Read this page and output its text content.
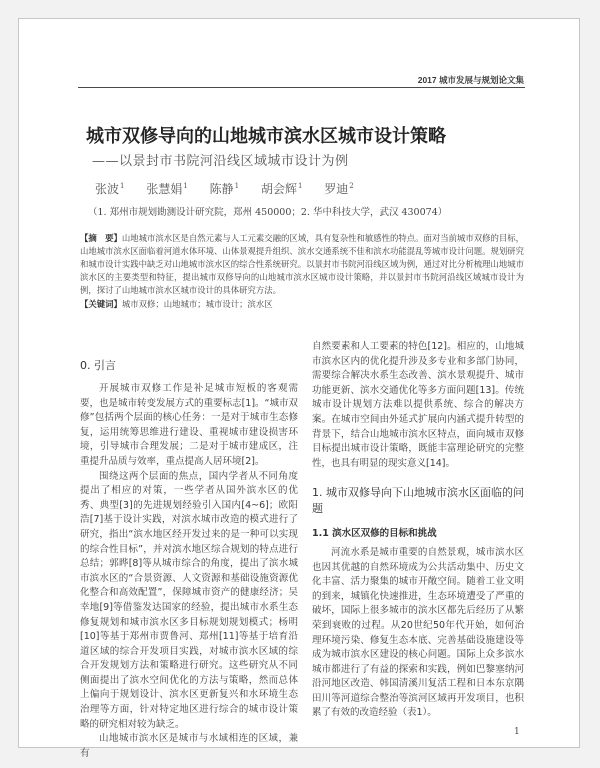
2017 城市发展与规划论文集
城市双修导向的山地城市滨水区城市设计策略
——以景封市书院河沿线区域城市设计为例
张波$^1$ 张慧娟$^1$ 陈静$^1$ 胡会辉$^1$ 罗迪$^2$
（1. 郑州市规划勘测设计研究院，郑州 450000；2. 华中科技大学，武汉 430074）
【摘　要】山地城市滨水区是自然元素与人工元素交融的区域，具有复杂性和敏感性的特点。面对当前城市双修的目标，山地城市滨水区面临着河道水体环境、山体景观提升组织、滨水交通系统不佳和滨水功能混乱等城市设计问题。规划研究和城市设计实践中缺乏对山地城市滨水区的综合性系统研究。以景封市书院河沿线区域为例，通过对比分析梳理山地城市滨水区的主要类型和特征，提出城市双修导向的山地城市滨水区城市设计策略，并以景封市书院河沿线区域城市设计为例，探讨了山地城市滨水区城市设计的具体研究方法。
【关键词】城市双修；山地城市；城市设计；滨水区
0. 引言

开展城市双修工作是补足城市短板的客观需要，也是城市转变发展方式的重要标志[1]。“城市双修”包括两个层面的核心任务：一是对于城市生态修复，运用统筹思维进行建设、重视城市建设损害环境，引导城市合理发展；二是对于城市建成区，注重提升品质与效率，重点提高人居环境[2]。

围绕这两个层面的焦点，国内学者从不同角度提出了相应的对策，一些学者从国外滨水区的优秀、典型[3]的先进规划经验引入国内[4~6]；欧阳浩[7]基于设计实践，对滨水城市改造的模式进行了研究，指出“滨水地区经开发过来的是一种可以实现的综合性目标”，并对滨水地区综合规划的特点进行总结；郭晔[8]等从城市综合的角度，提出了滨水城市滨水区的“合景资源、人文资源和基础设施资源优化整合和高效配置”，保障城市资产的健康经济；吴幸地[9]等借鉴发达国家的经验，提出城市水系生态修复规划和城市滨水区多目标规划规划模式；杨明[10]等基于郑州市贾鲁河、郑州[11]等基于培育沿道区域的综合开发项目实践，对城市滨水区域的综合开发规划方法和策略进行研究。这些研究从不同侧面提出了滨水空间优化的方法与策略，然而总体上偏向于规划设计、滨水区更新复兴和水环境生态治理等方面，针对特定地区进行综合的城市设计策略的研究相对较为缺乏。

山地城市滨水区是城市与水域相连的区域，兼有

自然要素和人工要素的特色[12]。相应的，山地城市滨水区内的优化提升涉及多专业和多部门协同，需要综合解决水系生态改善、滨水景观提升、城市功能更新、滨水交通优化等多方面问题[13]。传统城市设计规划方法难以提供系统、综合的解决方案。在城市空间由外延式扩展向内涵式提升转型的背景下，结合山地城市滨水区特点，面向城市双修目标提出城市设计策略，既能丰富理论研究的完整性，也具有明显的现实意义[14]。

1. 城市双修导向下山地城市滨水区面临的问题
1.1 滨水区双修的目标和挑战

河流水系是城市重要的自然景观，城市滨水区也因其优越的自然环境成为公共活动集中、历史文化丰富、活力聚集的城市开敞空间。随着工业文明的到来，城镇化快速推进，生态环境遭受了严重的破坏，国际上很多城市的滨水区都先后经历了从繁荣到衰败的过程。从20世纪50年代开始，如何治理环境污染、修复生态本底、完善基础设施建设等成为城市滨水区建设的核心问题。国际上众多滨水城市都进行了有益的探索和实践，例如巴黎塞纳河沿河地区改造、韩国清溪川复活工程和日本东京隅田川等河道综合整治等滨河区域再开发项目，也积累了有效的改造经验（表1）。

1
